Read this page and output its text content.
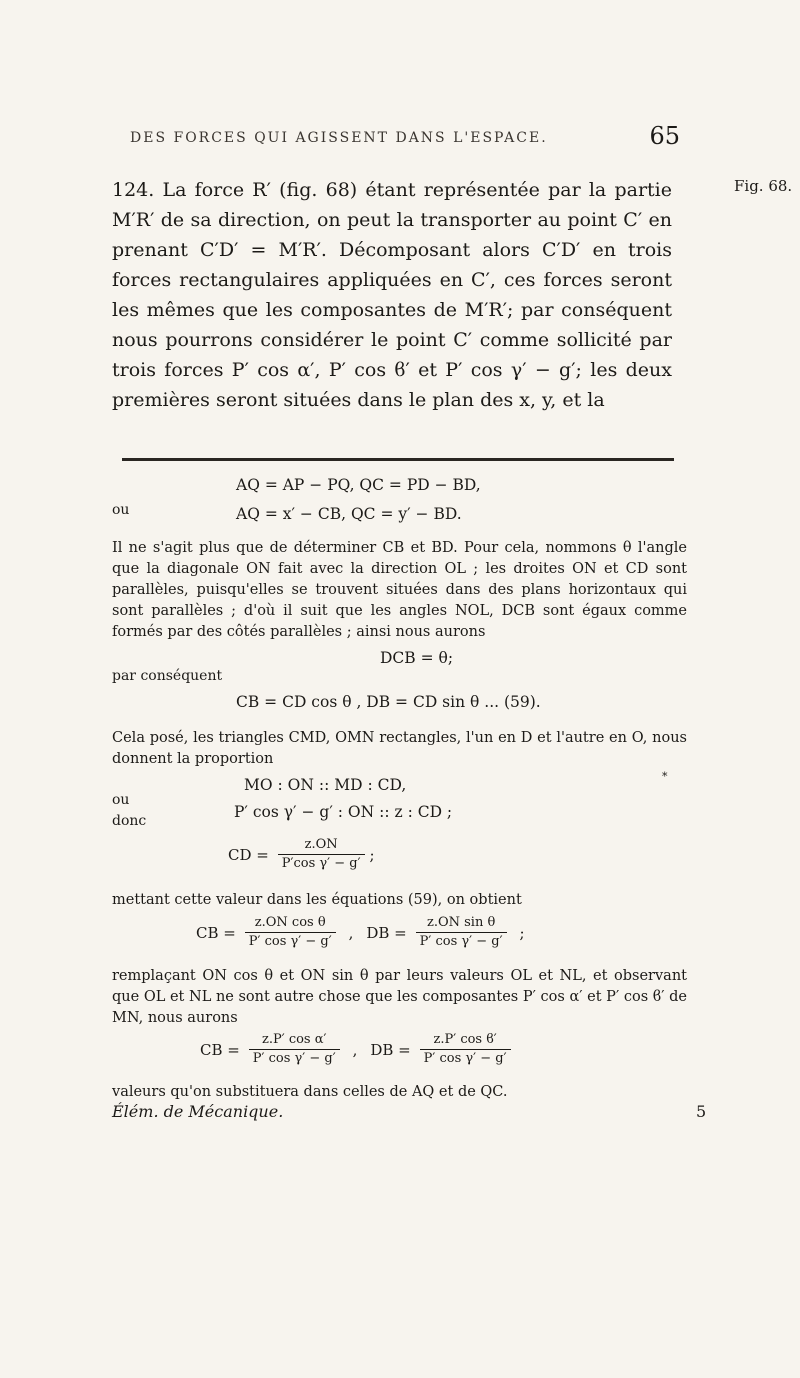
DES FORCES QUI AGISSENT DANS L'ESPACE.	65
Fig. 68.
124. La force R′ (fig. 68) étant représentée par la partie M′R′ de sa direction, on peut la transporter au point C′ en prenant C′D′ = M′R′. Décomposant alors C′D′ en trois forces rectangulaires appliquées en C′, ces forces seront les mêmes que les composantes de M′R′; par conséquent nous pourrons considérer le point C′ comme sollicité par trois forces P′ cos α′, P′ cos ϐ′ et P′ cos γ′ − g′; les deux premières seront situées dans le plan des x, y, et la
ou
AQ = AP − PQ, QC = PD − BD,
AQ = x′ − CB, QC = y′ − BD.
Il ne s'agit plus que de déterminer CB et BD. Pour cela, nommons θ l'angle que la diagonale ON fait avec la direction OL ; les droites ON et CD sont parallèles, puisqu'elles se trouvent situées dans des plans horizontaux qui sont parallèles ; d'où il suit que les angles NOL, DCB sont égaux comme formés par des côtés parallèles ; ainsi nous aurons
DCB = θ;
par conséquent
CB = CD cos θ , DB = CD sin θ ... (59).
Cela posé, les triangles CMD, OMN rectangles, l'un en D et l'autre en O, nous donnent la proportion
MO : ON :: MD : CD,
ou
P′ cos γ′ − g′ : ON :: z : CD ;
*
donc
CD = $\frac{z.ON}{\text{P′cos γ′ − g′}}$ ;
mettant cette valeur dans les équations (59), on obtient
CB = $\frac{\text{z.ON cos θ}}{\text{P′ cos γ′ − g′}}$ , DB = $\frac{\text{z.ON sin θ}}{\text{P′ cos γ′ − g′}}$ ;
remplaçant ON cos θ et ON sin θ par leurs valeurs OL et NL, et observant que OL et NL ne sont autre chose que les composantes P′ cos α′ et P′ cos ϐ′ de MN, nous aurons
CB = $\frac{\text{z.P′ cos α′}}{\text{P′ cos γ′ − g′}}$ , DB = $\frac{\text{z.P′ cos ϐ′}}{\text{P′ cos γ′ − g′}}$
valeurs qu'on substituera dans celles de AQ et de QC.
Élém. de Mécanique.	5
